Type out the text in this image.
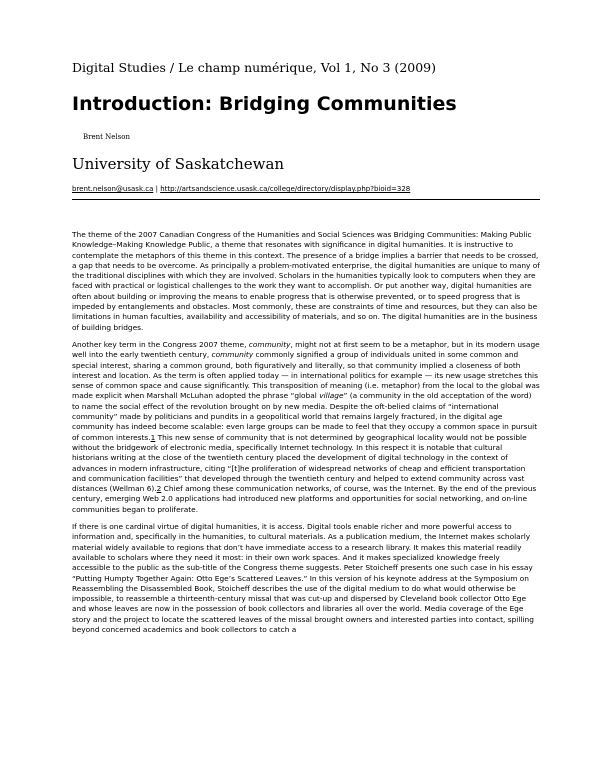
Digital Studies / Le champ numérique, Vol 1, No 3 (2009)
Introduction: Bridging Communities
Brent Nelson
University of Saskatchewan
brent.nelson@usask.ca | http://artsandscience.usask.ca/college/directory/display.php?bioid=328

The theme of the 2007 Canadian Congress of the Humanities and Social Sciences was Bridging Communities: Making Public Knowledge–Making Knowledge Public, a theme that resonates with significance in digital humanities. It is instructive to contemplate the metaphors of this theme in this context. The presence of a bridge implies a barrier that needs to be crossed, a gap that needs to be overcome. As principally a problem-motivated enterprise, the digital humanities are unique to many of the traditional disciplines with which they are involved. Scholars in the humanities typically look to computers when they are faced with practical or logistical challenges to the work they want to accomplish. Or put another way, digital humanities are often about building or improving the means to enable progress that is otherwise prevented, or to speed progress that is impeded by entanglements and obstacles. Most commonly, these are constraints of time and resources, but they can also be limitations in human faculties, availability and accessibility of materials, and so on. The digital humanities are in the business of building bridges.

Another key term in the Congress 2007 theme, community, might not at first seem to be a metaphor, but in its modern usage well into the early twentieth century, community commonly signified a group of individuals united in some common and special interest, sharing a common ground, both figuratively and literally, so that community implied a closeness of both interest and location. As the term is often applied today — in international politics for example — its new usage stretches this sense of common space and cause significantly. This transposition of meaning (i.e. metaphor) from the local to the global was made explicit when Marshall McLuhan adopted the phrase “global village” (a community in the old acceptation of the word) to name the social effect of the revolution brought on by new media. Despite the oft-belied claims of “international community” made by politicians and pundits in a geopolitical world that remains largely fractured, in the digital age community has indeed become scalable: even large groups can be made to feel that they occupy a common space in pursuit of common interests.1 This new sense of community that is not determined by geographical locality would not be possible without the bridgework of electronic media, specifically Internet technology. In this respect it is notable that cultural historians writing at the close of the twentieth century placed the development of digital technology in the context of advances in modern infrastructure, citing “[t]he proliferation of widespread networks of cheap and efficient transportation and communication facilities” that developed through the twentieth century and helped to extend community across vast distances (Wellman 6).2 Chief among these communication networks, of course, was the Internet. By the end of the previous century, emerging Web 2.0 applications had introduced new platforms and opportunities for social networking, and on-line communities began to proliferate.

If there is one cardinal virtue of digital humanities, it is access. Digital tools enable richer and more powerful access to information and, specifically in the humanities, to cultural materials. As a publication medium, the Internet makes scholarly material widely available to regions that don’t have immediate access to a research library. It makes this material readily available to scholars where they need it most: in their own work spaces. And it makes specialized knowledge freely accessible to the public as the sub-title of the Congress theme suggests. Peter Stoicheff presents one such case in his essay “Putting Humpty Together Again: Otto Ege’s Scattered Leaves.” In this version of his keynote address at the Symposium on Reassembling the Disassembled Book, Stoicheff describes the use of the digital medium to do what would otherwise be impossible, to reassemble a thirteenth-century missal that was cut-up and dispersed by Cleveland book collector Otto Ege and whose leaves are now in the possession of book collectors and libraries all over the world. Media coverage of the Ege story and the project to locate the scattered leaves of the missal brought owners and interested parties into contact, spilling beyond concerned academics and book collectors to catch a
